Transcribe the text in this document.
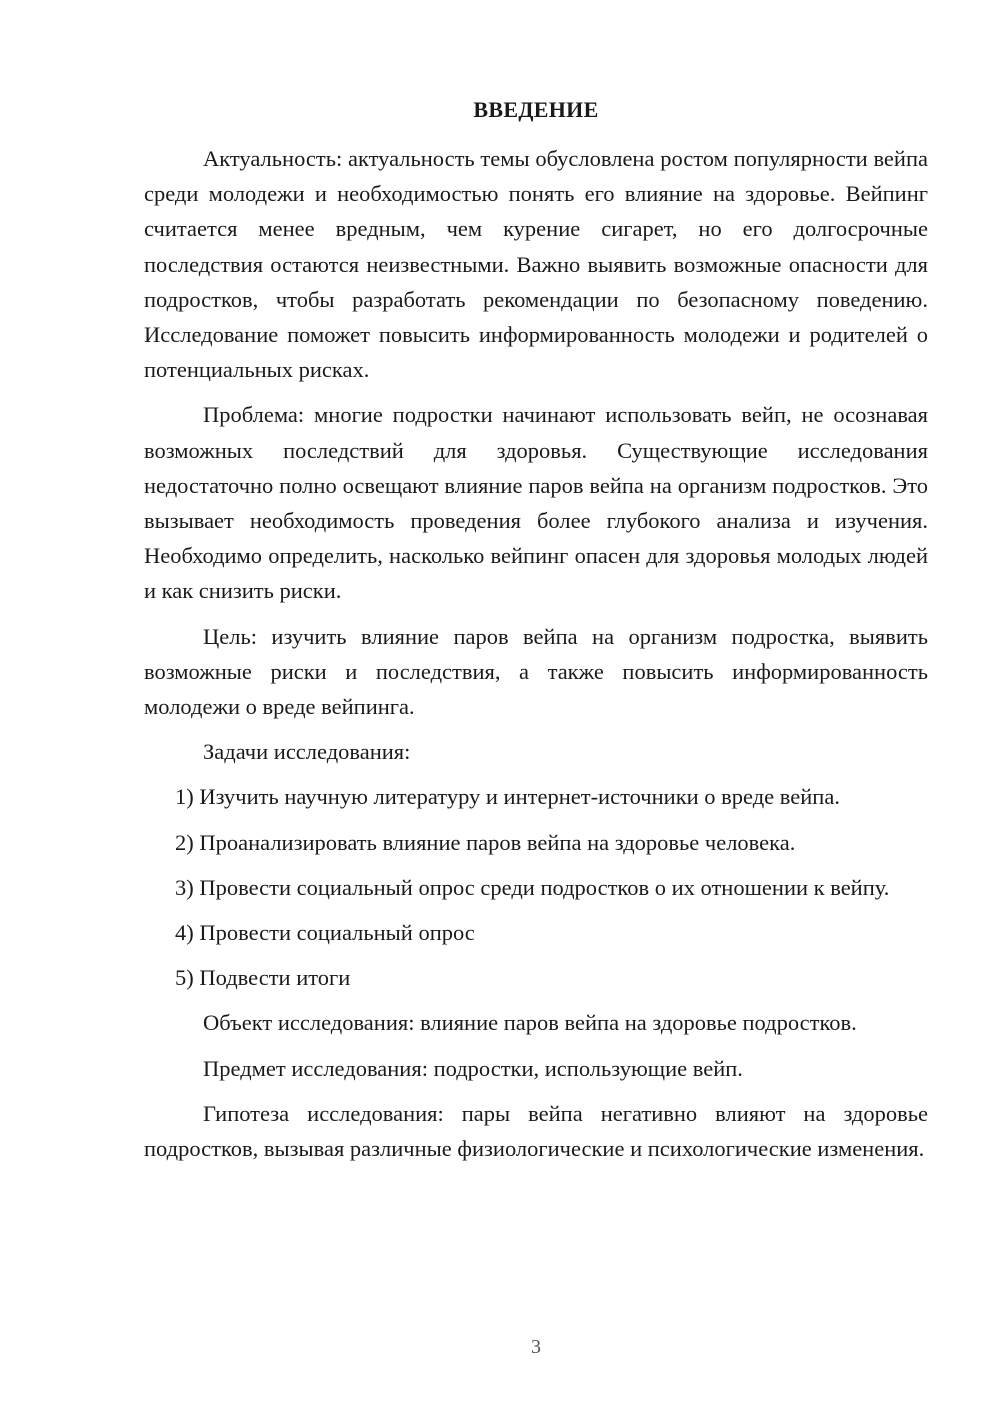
ВВЕДЕНИЕ

Актуальность: актуальность темы обусловлена ростом популярности вейпа среди молодежи и необходимостью понять его влияние на здоровье. Вейпинг считается менее вредным, чем курение сигарет, но его долгосрочные последствия остаются неизвестными. Важно выявить возможные опасности для подростков, чтобы разработать рекомендации по безопасному поведению. Исследование поможет повысить информированность молодежи и родителей о потенциальных рисках.

Проблема: многие подростки начинают использовать вейп, не осознавая возможных последствий для здоровья. Существующие исследования недостаточно полно освещают влияние паров вейпа на организм подростков. Это вызывает необходимость проведения более глубокого анализа и изучения. Необходимо определить, насколько вейпинг опасен для здоровья молодых людей и как снизить риски.

Цель: изучить влияние паров вейпа на организм подростка, выявить возможные риски и последствия, а также повысить информированность молодежи о вреде вейпинга.

Задачи исследования:

1) Изучить научную литературу и интернет-источники о вреде вейпа.

2) Проанализировать влияние паров вейпа на здоровье человека.

3) Провести социальный опрос среди подростков о их отношении к вейпу.

4) Провести социальный опрос

5) Подвести итоги

Объект исследования: влияние паров вейпа на здоровье подростков.

Предмет исследования: подростки, использующие вейп.

Гипотеза исследования: пары вейпа негативно влияют на здоровье подростков, вызывая различные физиологические и психологические изменения.

3
